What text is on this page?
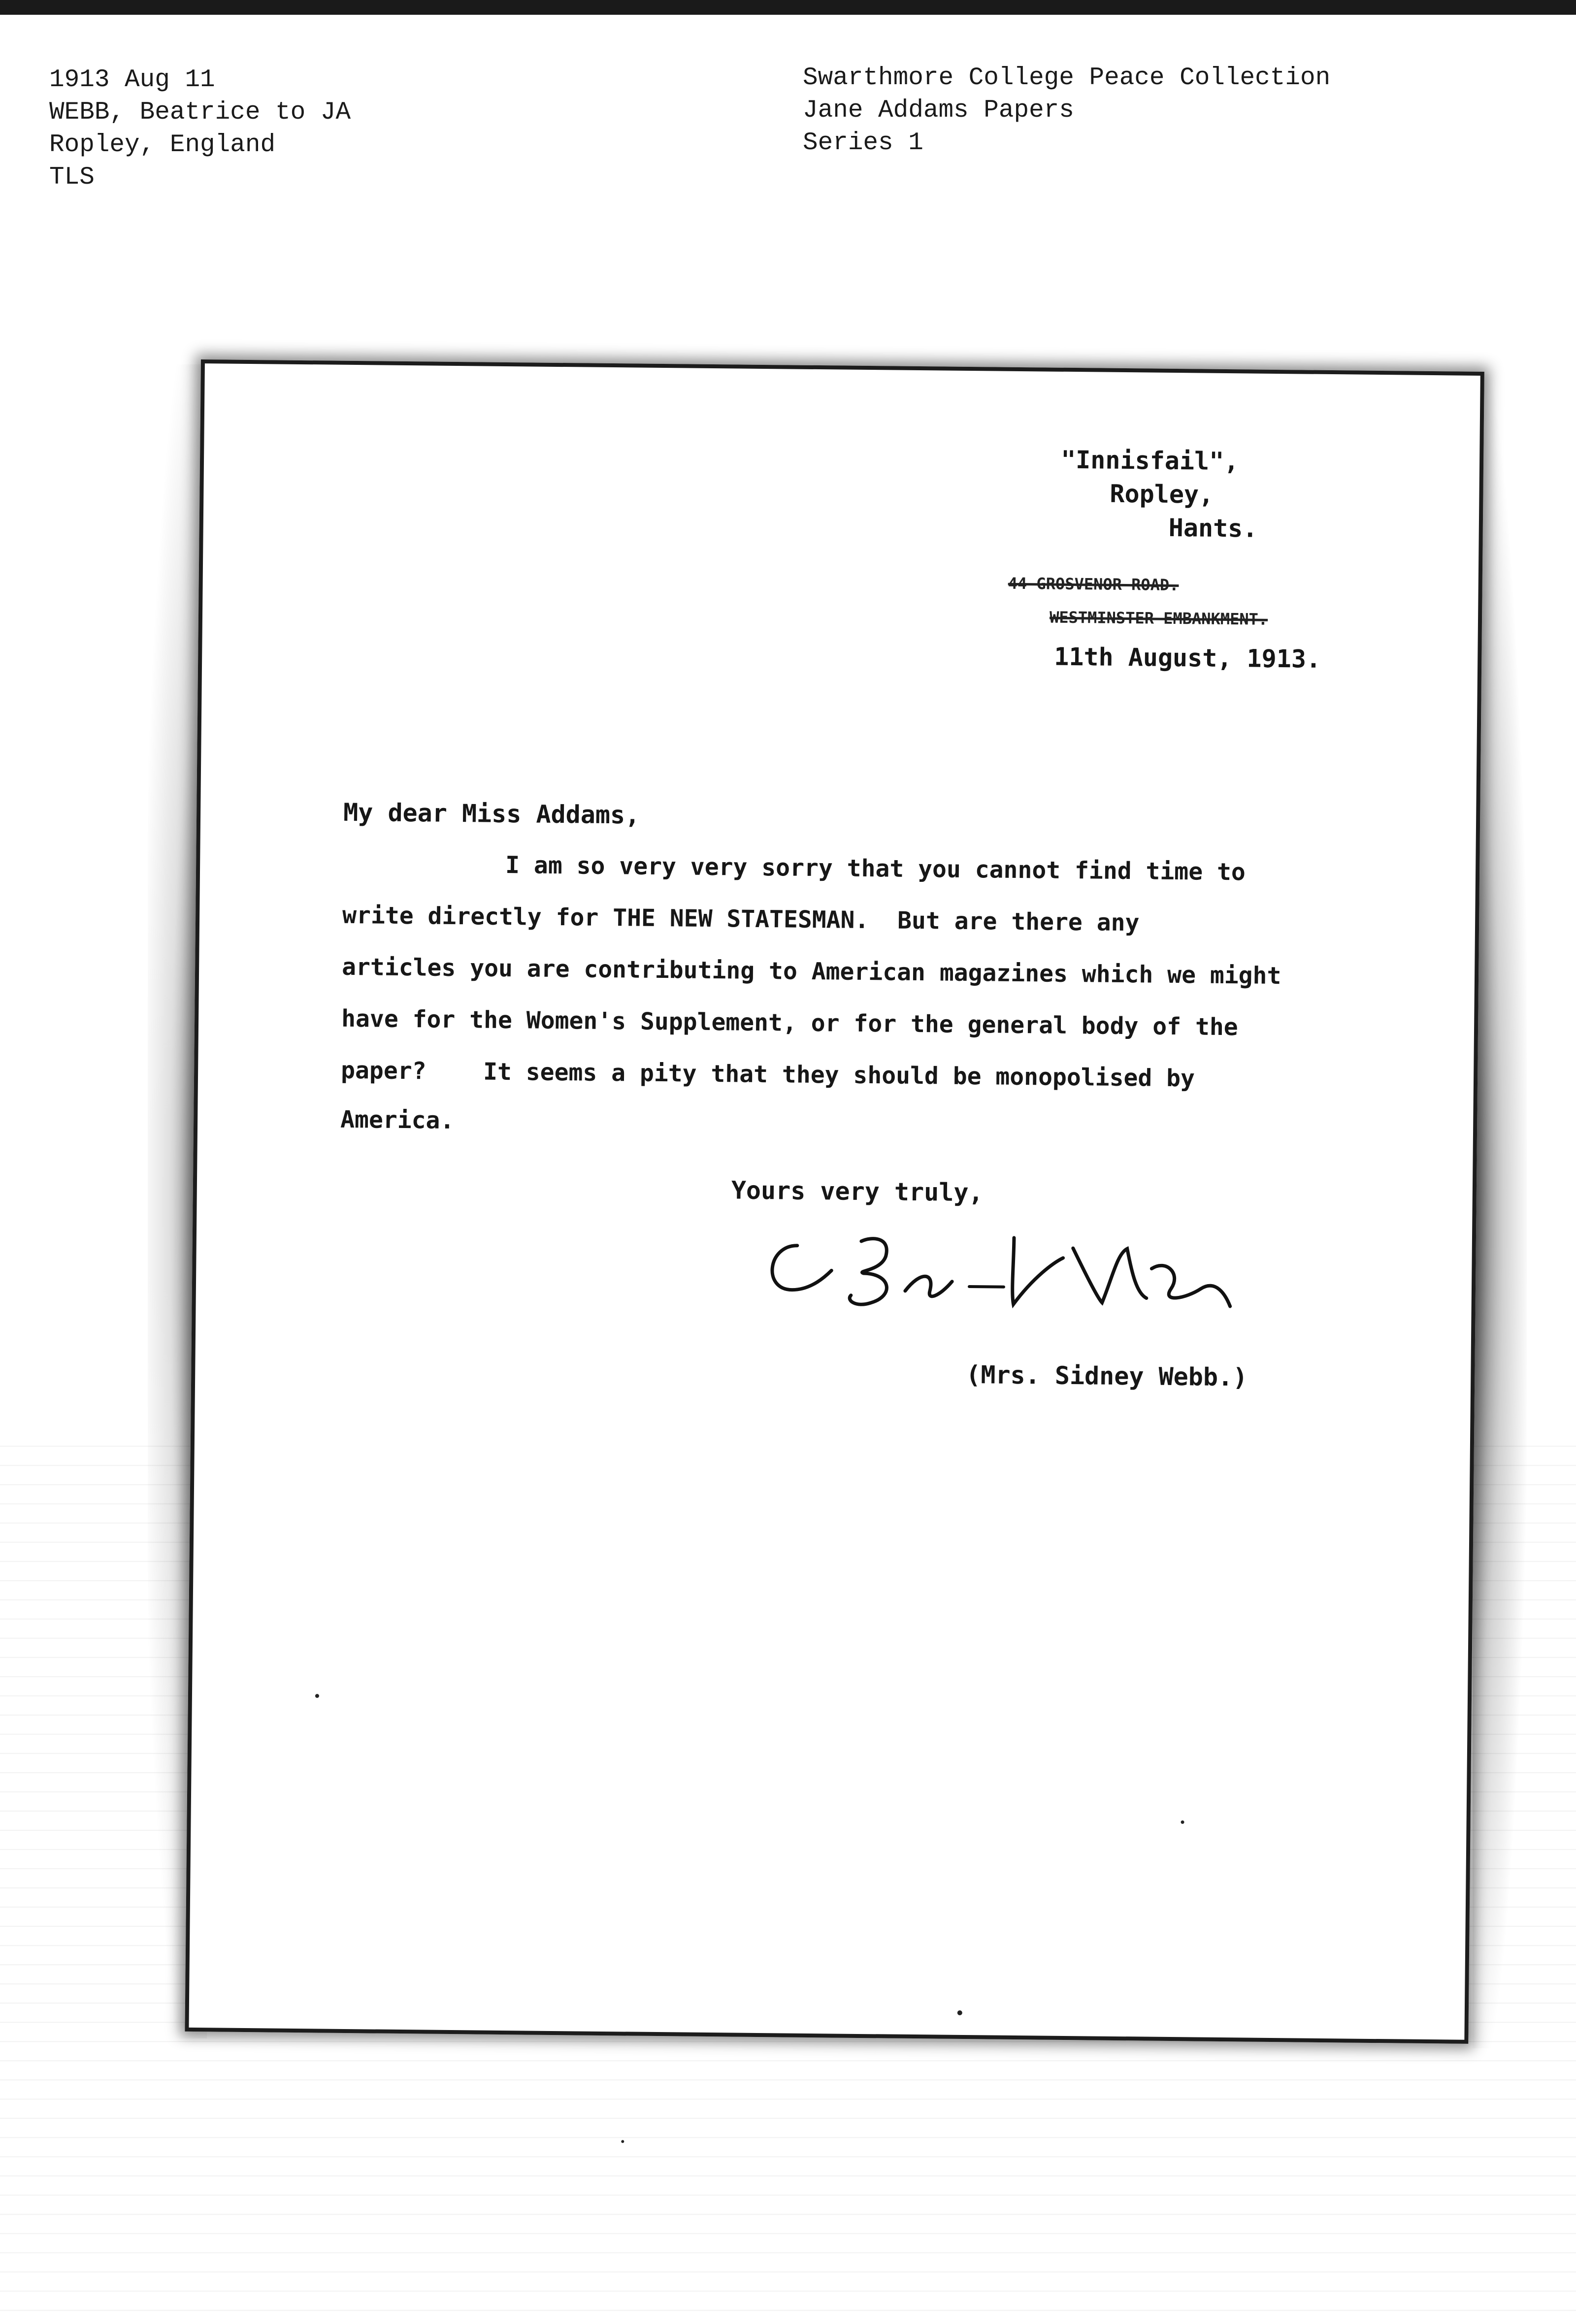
1913 Aug 11
WEBB, Beatrice to JA
Ropley, England
TLS
Swarthmore College Peace Collection
Jane Addams Papers
Series 1
"Innisfail",
Ropley,
Hants.
44 GROSVENOR ROAD.
WESTMINSTER EMBANKMENT.
11th August, 1913.
My dear Miss Addams,
I am so very very sorry that you cannot find time to
write directly for THE NEW STATESMAN.  But are there any
articles you are contributing to American magazines which we might
have for the Women's Supplement, or for the general body of the
paper?    It seems a pity that they should be monopolised by
America.
Yours very truly,
(Mrs. Sidney Webb.)
